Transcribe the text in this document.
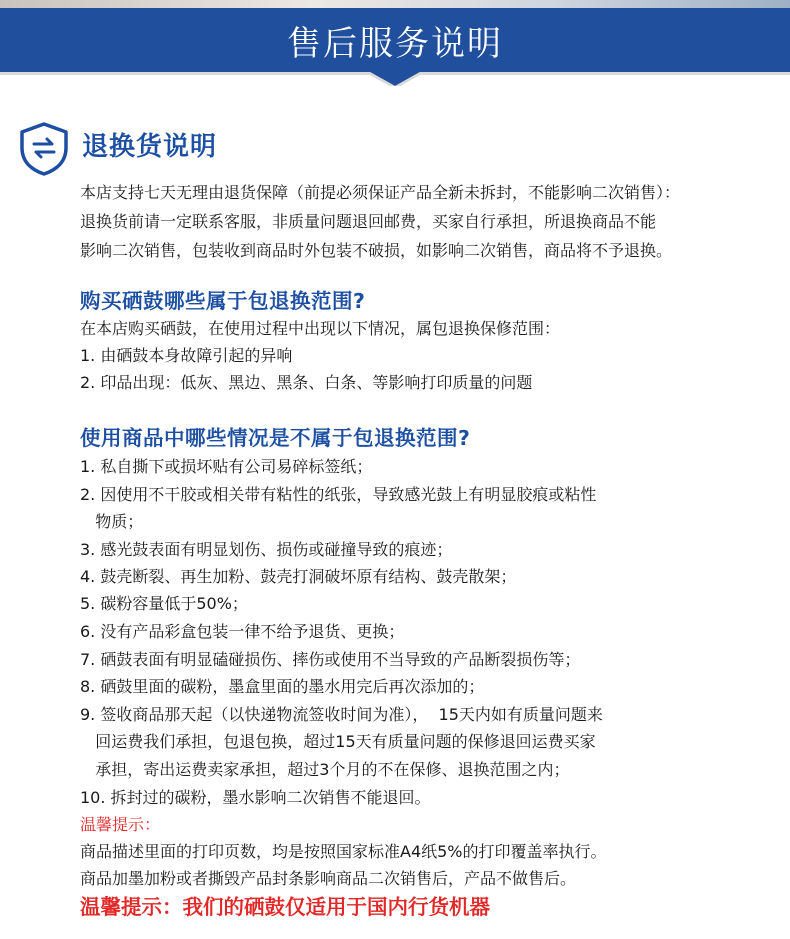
售后服务说明
退换货说明
本店支持七天无理由退货保障（前提必须保证产品全新未拆封，不能影响二次销售）：
退换货前请一定联系客服，非质量问题退回邮费，买家自行承担，所退换商品不能
影响二次销售，包装收到商品时外包装不破损，如影响二次销售，商品将不予退换。
购买硒鼓哪些属于包退换范围?
在本店购买硒鼓，在使用过程中出现以下情况，属包退换保修范围：
1. 由硒鼓本身故障引起的异响
2. 印品出现：低灰、黑边、黑条、白条、等影响打印质量的问题
使用商品中哪些情况是不属于包退换范围?
1. 私自撕下或损坏贴有公司易碎标签纸；
2. 因使用不干胶或相关带有粘性的纸张，导致感光鼓上有明显胶痕或粘性
物质；
3. 感光鼓表面有明显划伤、损伤或碰撞导致的痕迹；
4. 鼓壳断裂、再生加粉、鼓壳打洞破坏原有结构、鼓壳散架；
5. 碳粉容量低于50%；
6. 没有产品彩盒包装一律不给予退货、更换；
7. 硒鼓表面有明显磕碰损伤、摔伤或使用不当导致的产品断裂损伤等；
8. 硒鼓里面的碳粉，墨盒里面的墨水用完后再次添加的；
9. 签收商品那天起（以快递物流签收时间为准），  15天内如有质量问题来
回运费我们承担，包退包换，超过15天有质量问题的保修退回运费买家
承担，寄出运费卖家承担，超过3个月的不在保修、退换范围之内；
10. 拆封过的碳粉，墨水影响二次销售不能退回。
温馨提示：
商品描述里面的打印页数，均是按照国家标准A4纸5%的打印覆盖率执行。
商品加墨加粉或者撕毁产品封条影响商品二次销售后，产品不做售后。
温馨提示：我们的硒鼓仅适用于国内行货机器
